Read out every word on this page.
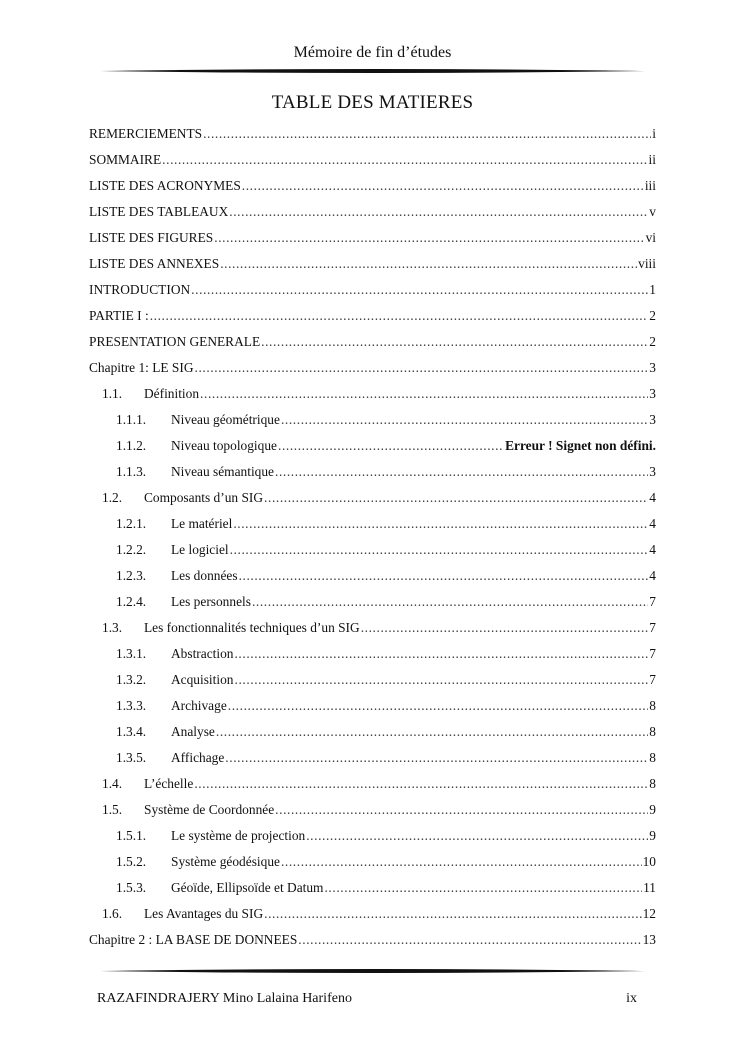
Mémoire de fin d’études
TABLE DES MATIERES
REMERCIEMENTS .....	i
SOMMAIRE .....	ii
LISTE DES ACRONYMES .....	iii
LISTE DES TABLEAUX .....	v
LISTE DES FIGURES .....	vi
LISTE DES ANNEXES .....	viii
INTRODUCTION .....	1
PARTIE I : .....	2
PRESENTATION GENERALE .....	2
Chapitre 1: LE SIG .....	3
1.1.	Définition .....	3
1.1.1.	Niveau géométrique .....	3
1.1.2.	Niveau topologique .....	Erreur ! Signet non défini.
1.1.3.	Niveau sémantique .....	3
1.2.	Composants d’un SIG .....	4
1.2.1.	Le matériel .....	4
1.2.2.	Le logiciel .....	4
1.2.3.	Les données .....	4
1.2.4.	Les personnels .....	7
1.3.	Les fonctionnalités techniques d’un SIG .....	7
1.3.1.	Abstraction .....	7
1.3.2.	Acquisition .....	7
1.3.3.	Archivage .....	8
1.3.4.	Analyse .....	8
1.3.5.	Affichage .....	8
1.4.	L’échelle .....	8
1.5.	Système de Coordonnée .....	9
1.5.1.	Le système de projection .....	9
1.5.2.	Système géodésique .....	10
1.5.3.	Géoïde, Ellipsoïde et Datum .....	11
1.6.	Les Avantages du SIG .....	12
Chapitre 2 : LA BASE DE DONNEES .....	13
RAZAFINDRAJERY Mino Lalaina Harifeno	ix
